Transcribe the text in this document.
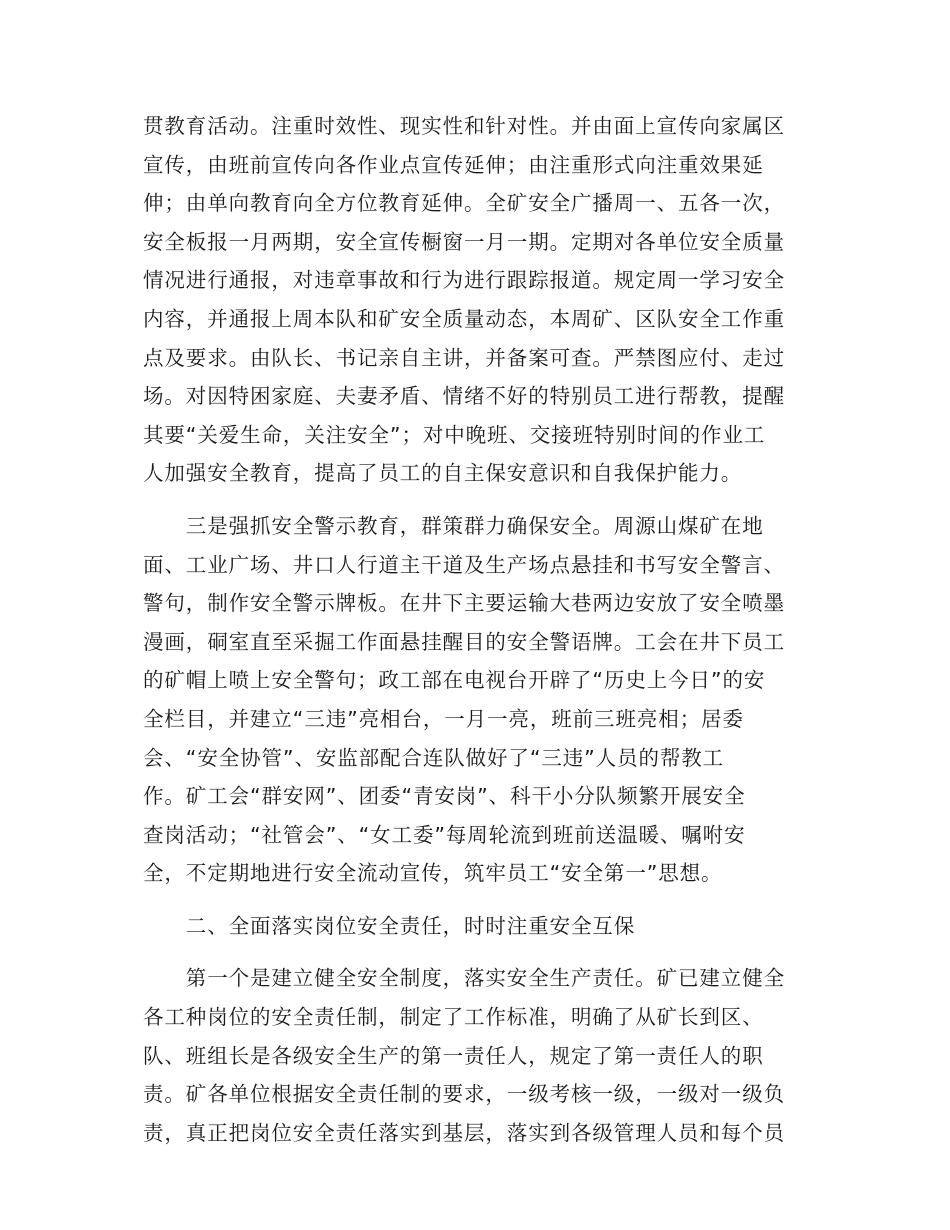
贯教育活动。注重时效性、现实性和针对性。并由面上宣传向家属区
宣传，由班前宣传向各作业点宣传延伸；由注重形式向注重效果延
伸；由单向教育向全方位教育延伸。全矿安全广播周一、五各一次，
安全板报一月两期，安全宣传橱窗一月一期。定期对各单位安全质量
情况进行通报，对违章事故和行为进行跟踪报道。规定周一学习安全
内容，并通报上周本队和矿安全质量动态，本周矿、区队安全工作重
点及要求。由队长、书记亲自主讲，并备案可查。严禁图应付、走过
场。对因特困家庭、夫妻矛盾、情绪不好的特别员工进行帮教，提醒
其要“关爱生命，关注安全”；对中晚班、交接班特别时间的作业工
人加强安全教育，提高了员工的自主保安意识和自我保护能力。
　　三是强抓安全警示教育，群策群力确保安全。周源山煤矿在地
面、工业广场、井口人行道主干道及生产场点悬挂和书写安全警言、
警句，制作安全警示牌板。在井下主要运输大巷两边安放了安全喷墨
漫画，硐室直至采掘工作面悬挂醒目的安全警语牌。工会在井下员工
的矿帽上喷上安全警句；政工部在电视台开辟了“历史上今日”的安
全栏目，并建立“三违”亮相台，一月一亮，班前三班亮相；居委
会、“安全协管”、安监部配合连队做好了“三违”人员的帮教工
作。矿工会“群安网”、团委“青安岗”、科干小分队频繁开展安全
查岗活动；“社管会”、“女工委”每周轮流到班前送温暖、嘱咐安
全，不定期地进行安全流动宣传，筑牢员工“安全第一”思想。
　　二、全面落实岗位安全责任，时时注重安全互保
　　第一个是建立健全安全制度，落实安全生产责任。矿已建立健全
各工种岗位的安全责任制，制定了工作标准，明确了从矿长到区、
队、班组长是各级安全生产的第一责任人，规定了第一责任人的职
责。矿各单位根据安全责任制的要求，一级考核一级，一级对一级负
责，真正把岗位安全责任落实到基层，落实到各级管理人员和每个员
